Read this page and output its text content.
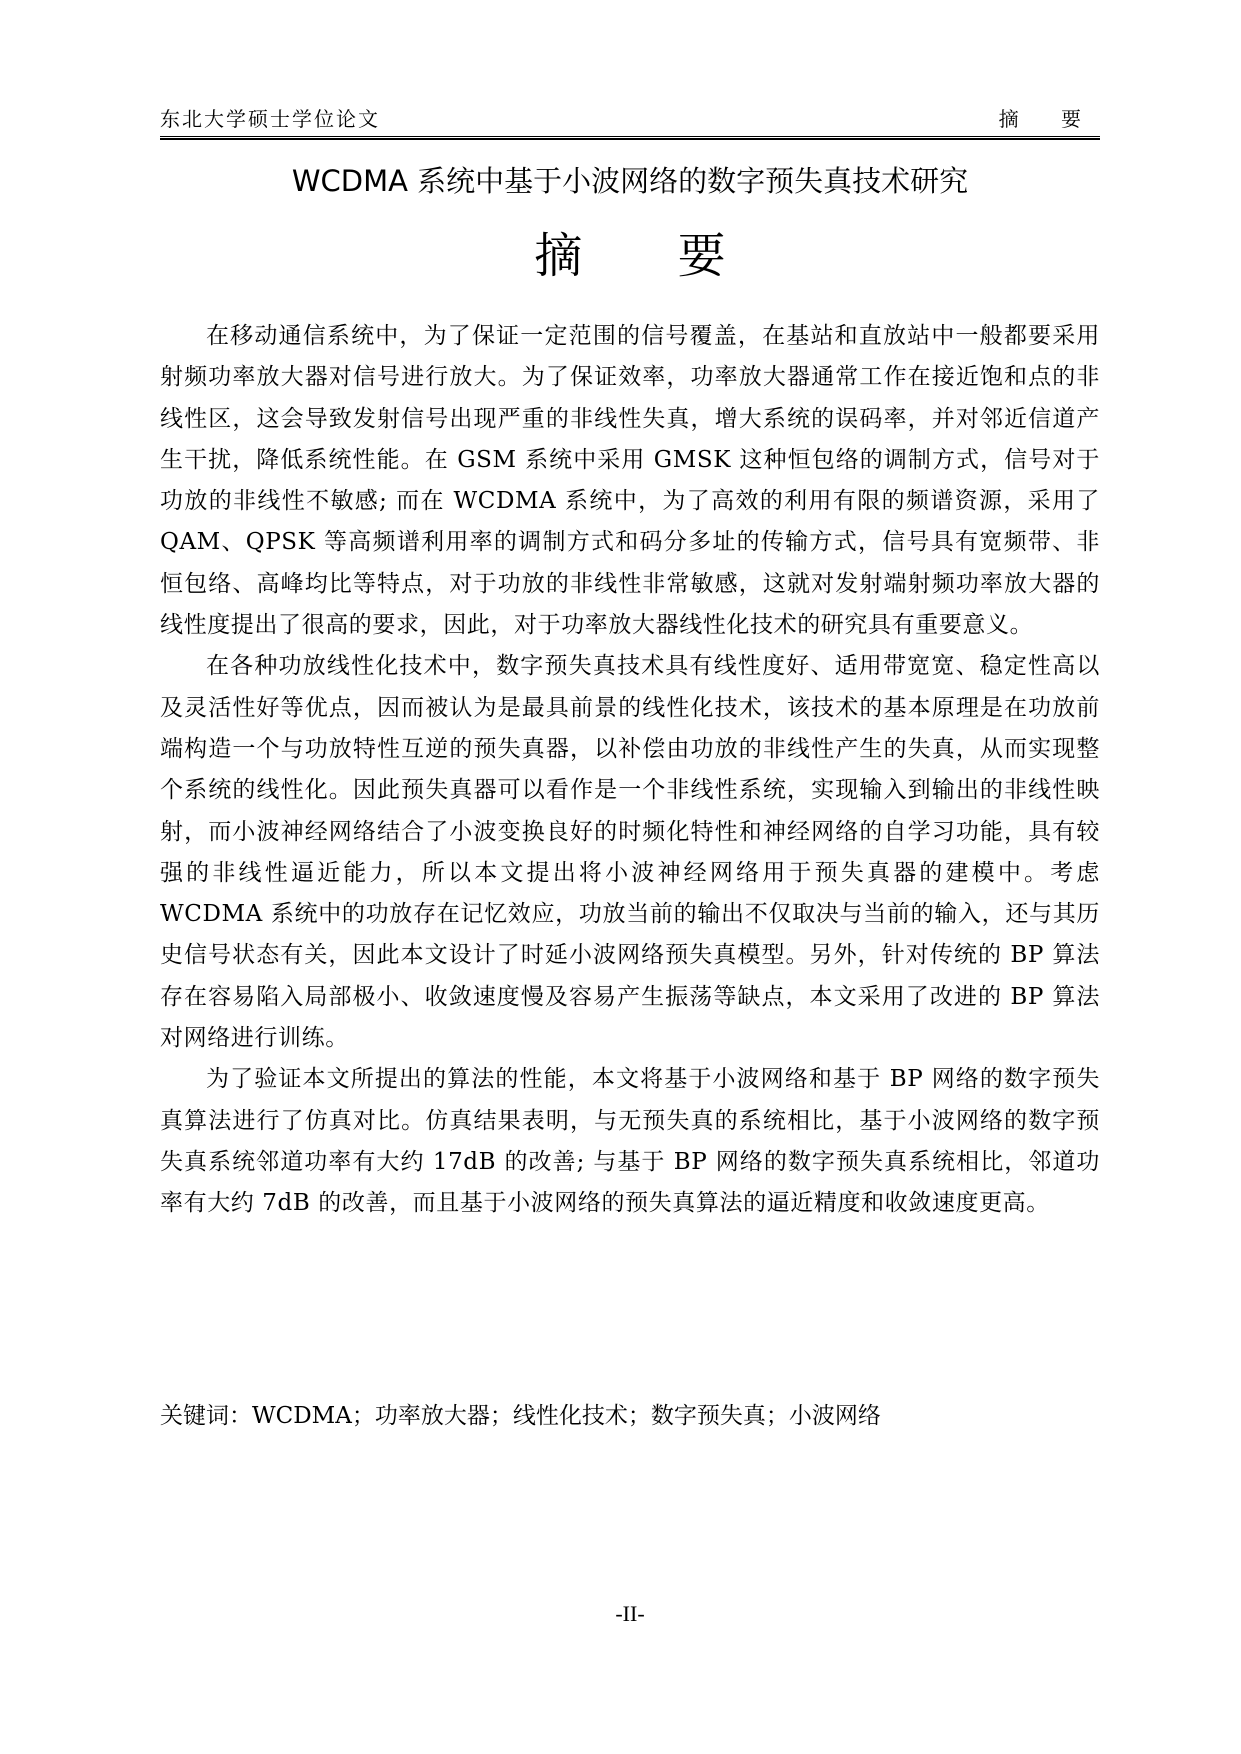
东北大学硕士学位论文	摘 要
WCDMA 系统中基于小波网络的数字预失真技术研究
摘 要

在移动通信系统中，为了保证一定范围的信号覆盖，在基站和直放站中一般都要采用射频功率放大器对信号进行放大。为了保证效率，功率放大器通常工作在接近饱和点的非线性区，这会导致发射信号出现严重的非线性失真，增大系统的误码率，并对邻近信道产生干扰，降低系统性能。在 GSM 系统中采用 GMSK 这种恒包络的调制方式，信号对于功放的非线性不敏感; 而在 WCDMA 系统中，为了高效的利用有限的频谱资源，采用了 QAM、QPSK 等高频谱利用率的调制方式和码分多址的传输方式，信号具有宽频带、非恒包络、高峰均比等特点，对于功放的非线性非常敏感，这就对发射端射频功率放大器的线性度提出了很高的要求，因此，对于功率放大器线性化技术的研究具有重要意义。

在各种功放线性化技术中，数字预失真技术具有线性度好、适用带宽宽、稳定性高以及灵活性好等优点，因而被认为是最具前景的线性化技术，该技术的基本原理是在功放前端构造一个与功放特性互逆的预失真器，以补偿由功放的非线性产生的失真，从而实现整个系统的线性化。因此预失真器可以看作是一个非线性系统，实现输入到输出的非线性映射，而小波神经网络结合了小波变换良好的时频化特性和神经网络的自学习功能，具有较强的非线性逼近能力，所以本文提出将小波神经网络用于预失真器的建模中。考虑 WCDMA 系统中的功放存在记忆效应，功放当前的输出不仅取决与当前的输入，还与其历史信号状态有关，因此本文设计了时延小波网络预失真模型。另外，针对传统的 BP 算法存在容易陷入局部极小、收敛速度慢及容易产生振荡等缺点，本文采用了改进的 BP 算法对网络进行训练。

为了验证本文所提出的算法的性能，本文将基于小波网络和基于 BP 网络的数字预失真算法进行了仿真对比。仿真结果表明，与无预失真的系统相比，基于小波网络的数字预失真系统邻道功率有大约 17dB 的改善; 与基于 BP 网络的数字预失真系统相比，邻道功率有大约 7dB 的改善，而且基于小波网络的预失真算法的逼近精度和收敛速度更高。

关键词：WCDMA；功率放大器；线性化技术；数字预失真；小波网络
-II-
